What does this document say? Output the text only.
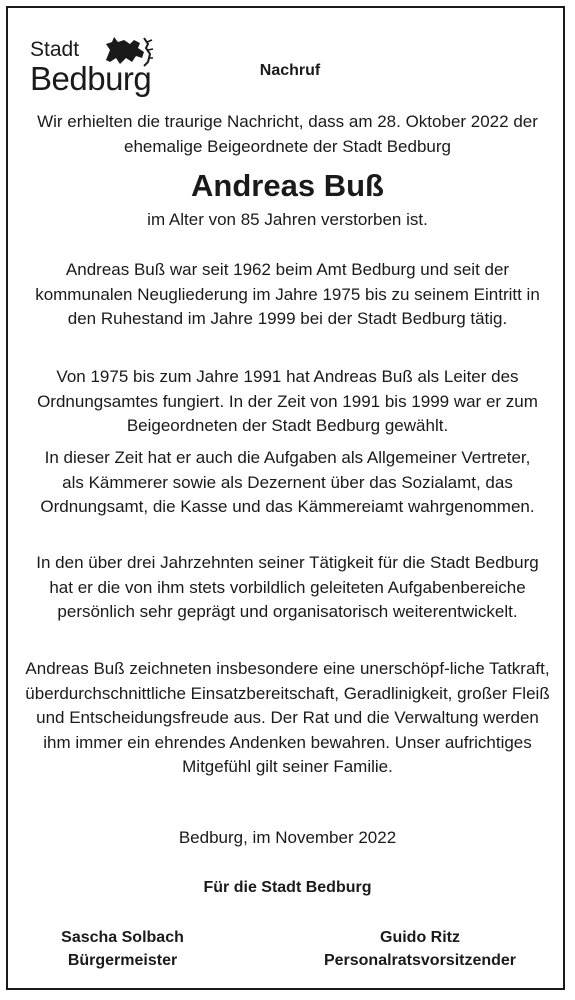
Stadt
Bedburg	Nachruf
Wir erhielten die traurige Nachricht, dass am 28. Oktober 2022 der ehemalige Beigeordnete der Stadt Bedburg
Andreas Buß
im Alter von 85 Jahren verstorben ist.
Andreas Buß war seit 1962 beim Amt Bedburg und seit der kommunalen Neugliederung im Jahre 1975 bis zu seinem Eintritt in den Ruhestand im Jahre 1999 bei der Stadt Bedburg tätig.
Von 1975 bis zum Jahre 1991 hat Andreas Buß als Leiter des Ordnungsamtes fungiert. In der Zeit von 1991 bis 1999 war er zum Beigeordneten der Stadt Bedburg gewählt.
In dieser Zeit hat er auch die Aufgaben als Allgemeiner Vertreter, als Kämmerer sowie als Dezernent über das Sozialamt, das Ordnungsamt, die Kasse und das Kämmereiamt wahrgenommen.
In den über drei Jahrzehnten seiner Tätigkeit für die Stadt Bedburg hat er die von ihm stets vorbildlich geleiteten Aufgabenbereiche persönlich sehr geprägt und organisatorisch weiterentwickelt.
Andreas Buß zeichneten insbesondere eine unerschöpf-liche Tatkraft, überdurchschnittliche Einsatzbereitschaft, Geradlinigkeit, großer Fleiß und Entscheidungsfreude aus. Der Rat und die Verwaltung werden ihm immer ein ehrendes Andenken bewahren. Unser aufrichtiges Mitgefühl gilt seiner Familie.
Bedburg, im November 2022
Für die Stadt Bedburg
Sascha Solbach
Bürgermeister
Guido Ritz
Personalratsvorsitzender
